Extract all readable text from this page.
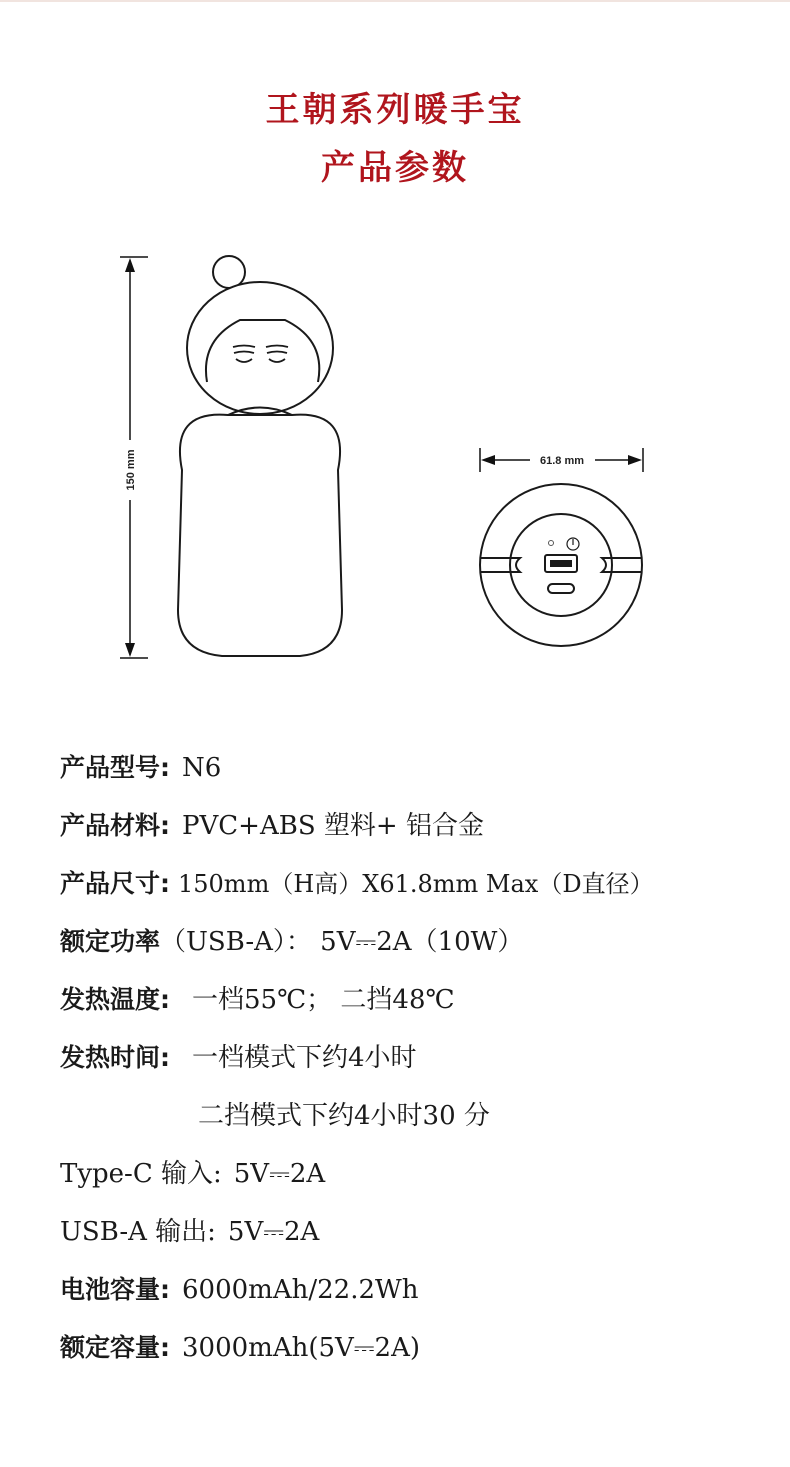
王朝系列暖手宝
产品参数
150 mm	61.8 mm
产品型号: N6
产品材料: PVC+ABS 塑料+ 铝合金
产品尺寸: 150mm（H高）X61.8mm Max（D直径）
额定功率（USB-A）： 5V⎓2A（10W）
发热温度: 一档55℃； 二挡48℃
发热时间: 一档模式下约4小时
二挡模式下约4小时30 分
Type-C 输入: 5V⎓2A
USB-A 输出: 5V⎓2A
电池容量: 6000mAh/22.2Wh
额定容量: 3000mAh(5V⎓2A)
